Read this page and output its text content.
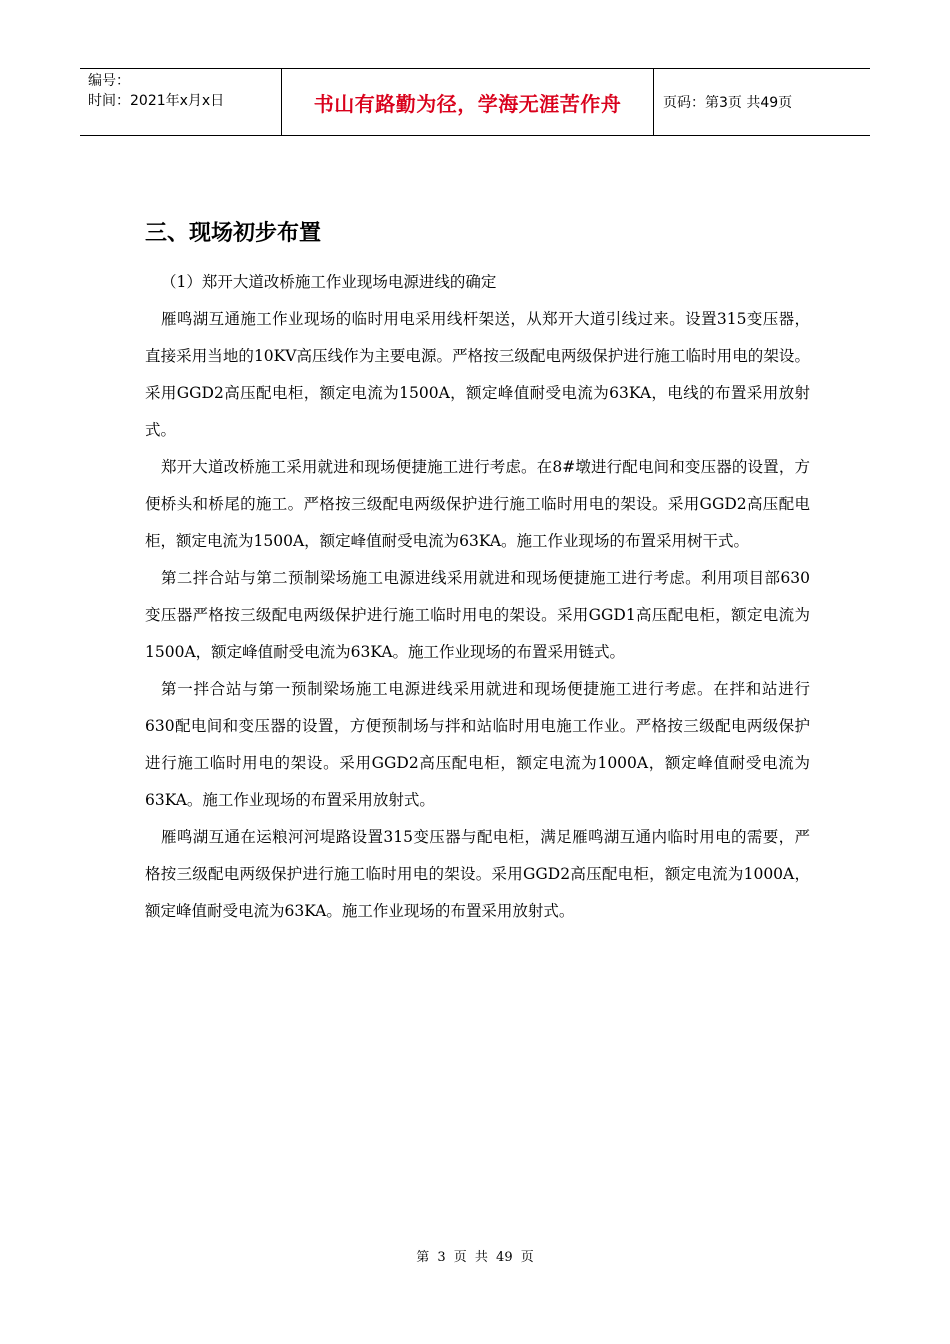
编号：
时间：2021年x月x日	书山有路勤为径，学海无涯苦作舟	页码：第3页 共49页
三、现场初步布置

（1）郑开大道改桥施工作业现场电源进线的确定

雁鸣湖互通施工作业现场的临时用电采用线杆架送，从郑开大道引线过来。设置315变压器，直接采用当地的10KV高压线作为主要电源。严格按三级配电两级保护进行施工临时用电的架设。采用GGD2高压配电柜，额定电流为1500A，额定峰值耐受电流为63KA，电线的布置采用放射式。

郑开大道改桥施工采用就进和现场便捷施工进行考虑。在8#墩进行配电间和变压器的设置，方便桥头和桥尾的施工。严格按三级配电两级保护进行施工临时用电的架设。采用GGD2高压配电柜，额定电流为1500A，额定峰值耐受电流为63KA。施工作业现场的布置采用树干式。

第二拌合站与第二预制梁场施工电源进线采用就进和现场便捷施工进行考虑。利用项目部630变压器严格按三级配电两级保护进行施工临时用电的架设。采用GGD1高压配电柜，额定电流为1500A，额定峰值耐受电流为63KA。施工作业现场的布置采用链式。

第一拌合站与第一预制梁场施工电源进线采用就进和现场便捷施工进行考虑。在拌和站进行630配电间和变压器的设置，方便预制场与拌和站临时用电施工作业。严格按三级配电两级保护进行施工临时用电的架设。采用GGD2高压配电柜，额定电流为1000A，额定峰值耐受电流为63KA。施工作业现场的布置采用放射式。

雁鸣湖互通在运粮河河堤路设置315变压器与配电柜，满足雁鸣湖互通内临时用电的需要，严格按三级配电两级保护进行施工临时用电的架设。采用GGD2高压配电柜，额定电流为1000A，额定峰值耐受电流为63KA。施工作业现场的布置采用放射式。

第 3 页 共 49 页
